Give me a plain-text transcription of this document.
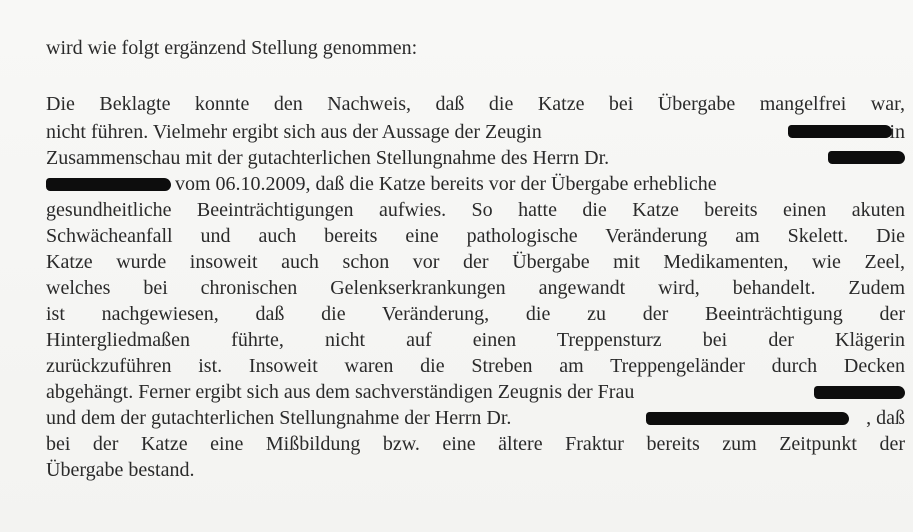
wird wie folgt ergänzend Stellung genommen:

Die Beklagte konnte den Nachweis, daß die Katze bei Übergabe mangelfrei war,

nicht führen. Vielmehr ergibt sich aus der Aussage der Zeugin	in

Zusammenschau mit der gutachterlichen Stellungnahme des Herrn Dr.

vom 06.10.2009, daß die Katze bereits vor der Übergabe erhebliche

gesundheitliche Beeinträchtigungen aufwies. So hatte die Katze bereits einen akuten

Schwächeanfall und auch bereits eine pathologische Veränderung am Skelett. Die

Katze wurde insoweit auch schon vor der Übergabe mit Medikamenten, wie Zeel,

welches bei chronischen Gelenkserkrankungen angewandt wird, behandelt. Zudem

ist nachgewiesen, daß die Veränderung, die zu der Beeinträchtigung der

Hintergliedmaßen führte, nicht auf einen Treppensturz bei der Klägerin

zurückzuführen ist. Insoweit waren die Streben am Treppengeländer durch Decken

abgehängt. Ferner ergibt sich aus dem sachverständigen Zeugnis der Frau

und dem der gutachterlichen Stellungnahme der Herrn Dr.	, daß

bei der Katze eine Mißbildung bzw. eine ältere Fraktur bereits zum Zeitpunkt der

Übergabe bestand.
